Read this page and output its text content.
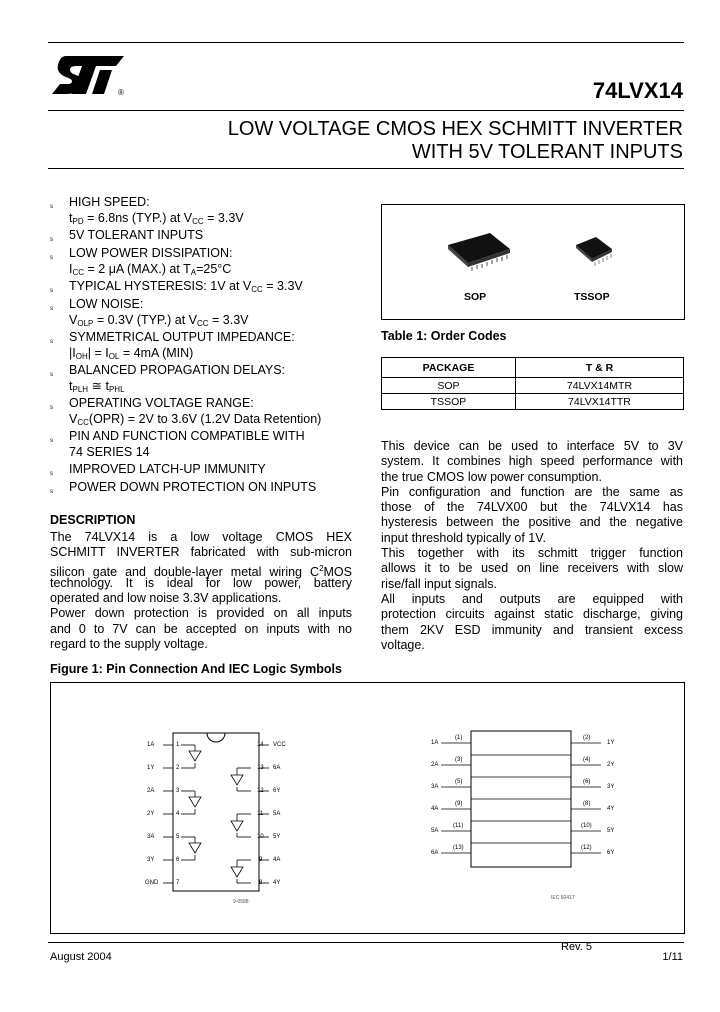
®	74LVX14
LOW VOLTAGE CMOS HEX SCHMITT INVERTER
WITH 5V TOLERANT INPUTS
s HIGH SPEED:
$t_{PD} = 6.8ns$ (TYP.) at $V_{CC} = 3.3V$
s 5V TOLERANT INPUTS
s LOW POWER DISSIPATION:
$I_{CC} = 2$ μA (MAX.) at $T_A=25^\circ C$
s TYPICAL HYSTERESIS: 1V at $V_{CC} = 3.3V$
s LOW NOISE:
$V_{OLP} = 0.3V$ (TYP.) at $V_{CC} = 3.3V$
s SYMMETRICAL OUTPUT IMPEDANCE:
$|I_{OH}| = I_{OL} = 4mA$ (MIN)
s BALANCED PROPAGATION DELAYS:
$t_{PLH}$ ≅ $t_{PHL}$
s OPERATING VOLTAGE RANGE:
$V_{CC}(OPR) = 2V$ to 3.6V (1.2V Data Retention)
s PIN AND FUNCTION COMPATIBLE WITH
74 SERIES 14
s IMPROVED LATCH-UP IMMUNITY
s POWER DOWN PROTECTION ON INPUTS
DESCRIPTION
The 74LVX14 is a low voltage CMOS HEX
SCHMITT INVERTER fabricated with sub-micron
silicon gate and double-layer metal wiring $C^2MOS$
technology. It is ideal for low power, battery
operated and low noise 3.3V applications.
Power down protection is provided on all inputs
and 0 to 7V can be accepted on inputs with no
regard to the supply voltage.
SOP	TSSOP
Table 1: Order Codes
PACKAGE	T & R
SOP	74LVX14MTR
TSSOP	74LVX14TTR
This device can be used to interface 5V to 3V
system. It combines high speed performance with
the true CMOS low power consumption.
Pin configuration and function are the same as
those of the 74LVX00 but the 74LVX14 has
hysteresis between the positive and the negative
input threshold typically of 1V.
This together with its schmitt trigger function
allows it to be used on line receivers with slow
rise/fall input signals.
All inputs and outputs are equipped with
protection circuits against static discharge, giving
them 2KV ESD immunity and transient excess
voltage.
Figure 1: Pin Connection And IEC Logic Symbols
1A
1Y
2A
2Y
3A
3Y
GND
1
2
3
4
5
6
7
14
13
12
11
10
9
8
VCC
6A
6Y
5A
5Y
4A
4Y
9-0588
1A
2A
3A
4A
5A
6A
(1)
(3)
(5)
(9)
(11)
(13)
(2)
(4)
(6)
(8)
(10)
(12)
1Y
2Y
3Y
4Y
5Y
6Y
IEC 60417
Rev. 5
August 2004	1/11
